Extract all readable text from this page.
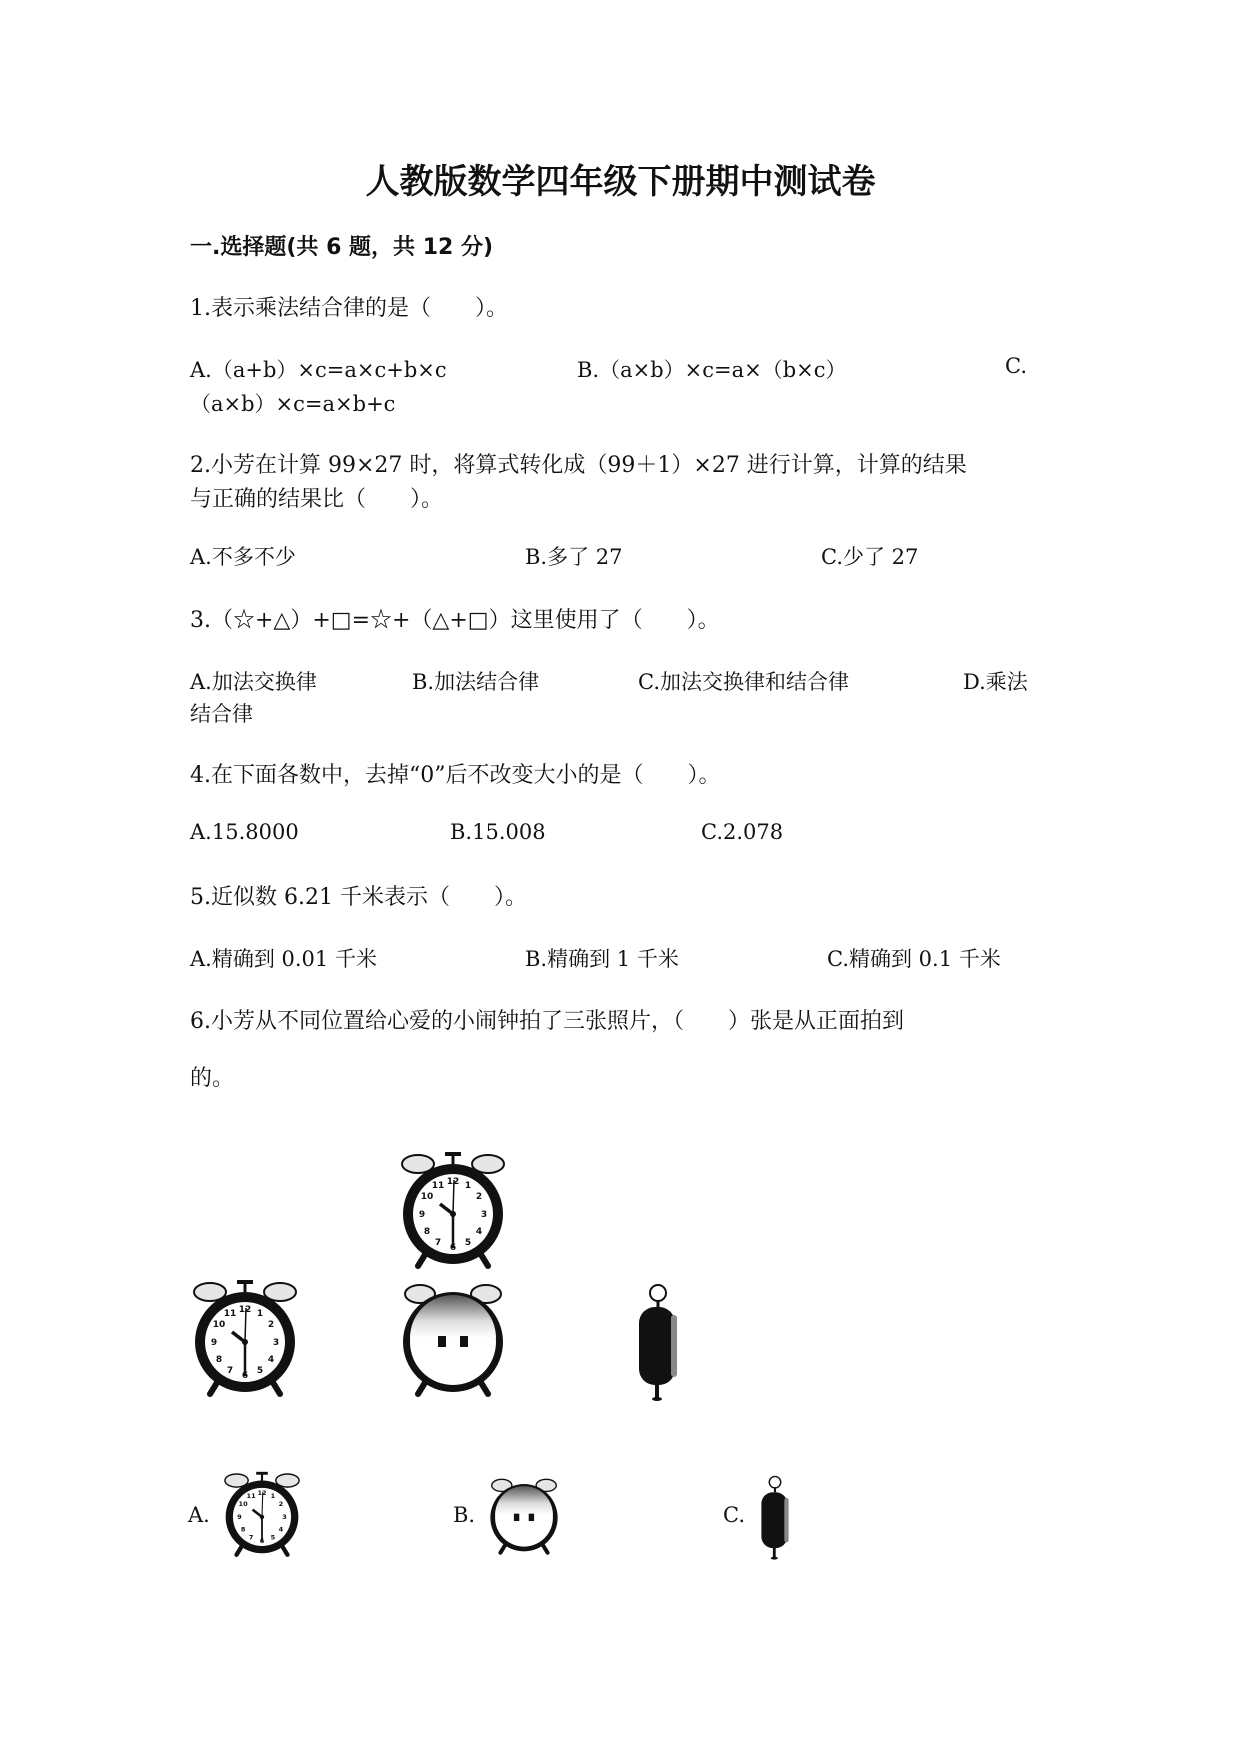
人教版数学四年级下册期中测试卷
一.选择题(共 6 题，共 12 分)
1.表示乘法结合律的是（　　）。
A.（a+b）×c=a×c+b×c	B.（a×b）×c=a×（b×c）	C.
（a×b）×c=a×b+c
2.小芳在计算 99×27 时，将算式转化成（99＋1）×27 进行计算，计算的结果
与正确的结果比（　　）。
A.不多不少	B.多了 27	C.少了 27
3.（☆+△）+□=☆+（△+□）这里使用了（　　）。
A.加法交换律	B.加法结合律	C.加法交换律和结合律	D.乘法
结合律
4.在下面各数中，去掉“0”后不改变大小的是（　　）。
A.15.8000	B.15.008	C.2.078
5.近似数 6.21 千米表示（　　）。
A.精确到 0.01 千米	B.精确到 1 千米	C.精确到 0.1 千米
6.小芳从不同位置给心爱的小闹钟拍了三张照片，（　　）张是从正面拍到
的。
A.	B.	C.
